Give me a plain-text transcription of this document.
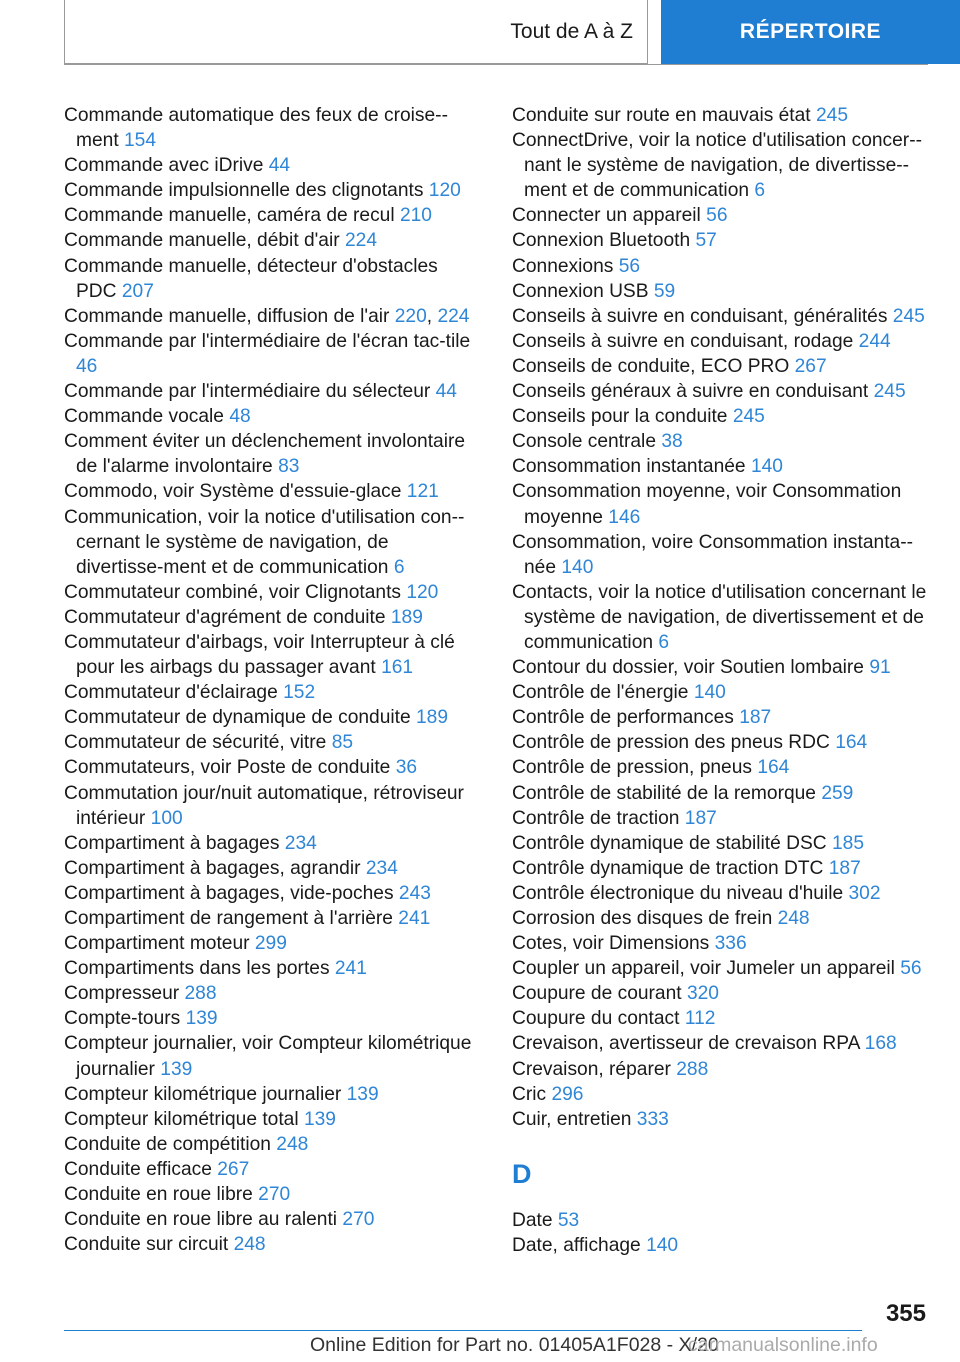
Tout de A à Z	RÉPERTOIRE

Commande automatique des feux de croise-ment 154

Commande avec iDrive 44

Commande impulsionnelle des clignotants 120

Commande manuelle, caméra de recul 210

Commande manuelle, débit d'air 224

Commande manuelle, détecteur d'obstacles PDC 207

Commande manuelle, diffusion de l'air 220, 224

Commande par l'intermédiaire de l'écran tac-tile 46

Commande par l'intermédiaire du sélecteur 44

Commande vocale 48

Comment éviter un déclenchement involontaire de l'alarme involontaire 83

Commodo, voir Système d'essuie-glace 121

Communication, voir la notice d'utilisation con-cernant le système de navigation, de divertisse-ment et de communication 6

Commutateur combiné, voir Clignotants 120

Commutateur d'agrément de conduite 189

Commutateur d'airbags, voir Interrupteur à clé pour les airbags du passager avant 161

Commutateur d'éclairage 152

Commutateur de dynamique de conduite 189

Commutateur de sécurité, vitre 85

Commutateurs, voir Poste de conduite 36

Commutation jour/nuit automatique, rétroviseur intérieur 100

Compartiment à bagages 234

Compartiment à bagages, agrandir 234

Compartiment à bagages, vide-poches 243

Compartiment de rangement à l'arrière 241

Compartiment moteur 299

Compartiments dans les portes 241

Compresseur 288

Compte-tours 139

Compteur journalier, voir Compteur kilométrique journalier 139

Compteur kilométrique journalier 139

Compteur kilométrique total 139

Conduite de compétition 248

Conduite efficace 267

Conduite en roue libre 270

Conduite en roue libre au ralenti 270

Conduite sur circuit 248

Conduite sur route en mauvais état 245

ConnectDrive, voir la notice d'utilisation concer-nant le système de navigation, de divertisse-ment et de communication 6

Connecter un appareil 56

Connexion Bluetooth 57

Connexions 56

Connexion USB 59

Conseils à suivre en conduisant, généralités 245

Conseils à suivre en conduisant, rodage 244

Conseils de conduite, ECO PRO 267

Conseils généraux à suivre en conduisant 245

Conseils pour la conduite 245

Console centrale 38

Consommation instantanée 140

Consommation moyenne, voir Consommation moyenne 146

Consommation, voire Consommation instanta-née 140

Contacts, voir la notice d'utilisation concernant le système de navigation, de divertissement et de communication 6

Contour du dossier, voir Soutien lombaire 91

Contrôle de l'énergie 140

Contrôle de performances 187

Contrôle de pression des pneus RDC 164

Contrôle de pression, pneus 164

Contrôle de stabilité de la remorque 259

Contrôle de traction 187

Contrôle dynamique de stabilité DSC 185

Contrôle dynamique de traction DTC 187

Contrôle électronique du niveau d'huile 302

Corrosion des disques de frein 248

Cotes, voir Dimensions 336

Coupler un appareil, voir Jumeler un appareil 56

Coupure de courant 320

Coupure du contact 112

Crevaison, avertisseur de crevaison RPA 168

Crevaison, réparer 288

Cric 296

Cuir, entretien 333

D

Date 53

Date, affichage 140

355
Online Edition for Part no. 01405A1F028 - X/20
carmanualsonline.info
